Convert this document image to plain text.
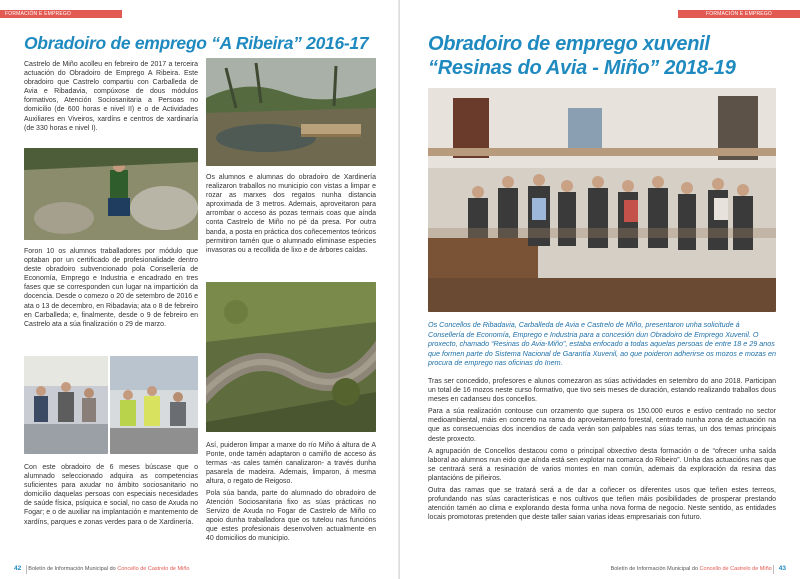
FORMACIÓN E EMPREGO
Obradoiro de emprego “A Ribeira” 2016-17

Castrelo de Miño acolleu en febreiro de 2017 a terceira actuación do Obradoiro de Emprego A Ribeira. Este obradoiro que Castrelo compartiu con Carballeda de Avia e Ribadavia, compúxose de dous módulos formativos, Atención Sociosanitaria a Persoas no domicilio (de 600 horas e nivel II) e o de Actividades Auxiliares en Viveiros, xardíns e centros de xardinaría (de 330 horas e nivel I).

Foron 10 os alumnos traballadores por módulo que optaban por un certificado de profesionalidade dentro deste obradoiro subvencionado pola Consellería de Economía, Emprego e Industria e encadrado en tres fases que se corresponden cun lugar na impartición da docencia. Desde o comezo o 20 de setembro de 2016 e ata o 13 de decembro, en Ribadavia; ata o 8 de febreiro en Carballeda; e, finalmente, desde o 9 de febreiro en Castrelo ata a súa finalización o 29 de marzo.

Con este obradoiro de 6 meses búscase que o alumnado seleccionado adquira as competencias suficientes para axudar no ámbito sociosanitario no domicilio daquelas persoas con especiais necesidades de saúde física, psíquica e social, no caso de Axuda no Fogar; e o de auxiliar na implantación e mantemento de xardíns, parques e zonas verdes para o de Xardinería.

Os alumnos e alumnas do obradoiro de Xardinería realizaron traballos no municipio con vistas a limpar e rozar as marxes dos regatos nunha distancia aproximada de 3 metros. Ademais, aproveitaron para arrombar o acceso ás pozas termais coas que aínda conta Castrelo de Miño no pé da presa. Por outra banda, a posta en práctica dos coñecementos teóricos permitiron tamén que o alumnado eliminase especies invasoras ou a recollida de lixo e de árbores caídas.

Así, puideron limpar a marxe do río Miño á altura de A Ponte, onde tamén adaptaron o camiño de acceso ás termas -as cales tamén canalizaron- a través dunha pasarela de madeira. Ademais, limparon, á mesma altura, o regato de Reigoso.

Pola súa banda, parte do alumnado do obradoiro de Atención Sociosanitaria fixo as súas prácticas no Servizo de Axuda no Fogar de Castrelo de Miño co apoio dunha traballadora que os tutelou nas funcións que estes profesionais desenvolven actualmente en 40 domicilios do municipio.

42 Boletín de Información Municipal do Concello de Castrelo de Miño
FORMACIÓN E EMPREGO
Obradoiro de emprego xuvenil
“Resinas do Avia - Miño” 2018-19
Os Concellos de Ribadavia, Carballeda de Avia e Castrelo de Miño, presentaron unha solicitude á Consellería de Economía, Emprego e Industria para a concesión dun Obradoiro de Emprego Xuvenil. O proxecto, chamado “Resinas do Avia-Miño”, estaba enfocado a todas aquelas persoas de entre 18 e 29 anos que formen parte do Sistema Nacional de Garantía Xuvenil, ao que poideron adherirse os mozos e mozas en procura de emprego nas oficinas do Inem.

Tras ser concedido, profesores e alunos comezaron as súas actividades en setembro do ano 2018. Participan un total de 16 mozos neste curso formativo, que tivo seis meses de duración, estando realizando traballos dous meses en cadanseu dos concellos.

Para a súa realización contouse cun orzamento que supera os 150.000 euros e estivo centrado no sector medioambiental, máis en concreto na rama do aproveitamento forestal, centrado nunha zona de actuación na que as consecuencias dos incendios de cada verán son palpables nas súas terras, un dos temas principais deste proxecto.

A agrupación de Concellos destacou como o principal obxectivo desta formación o de “ofrecer unha saída laboral ao alumnos nun eido que aínda está sen explotar na comarca do Ribeiro”. Unha das actuacións nas que se centrará será a resinación de varios montes en man común, ademais da exploración da resina das plantacións de piñeiros.

Outra das ramas que se tratará será a de dar a coñecer os diferentes usos que teñen estes terreos, profundando nas súas características e nos cultivos que teñen máis posibilidades de prosperar prestando atención tamén ao clima e explorando desta forma unha nova forma de negocio. Neste sentido, as entidades locais promotoras pretenden que deste taller saian varias ideas empresariais con futuro.

Boletín de Información Municipal do Concello de Castrelo de Miño 43
